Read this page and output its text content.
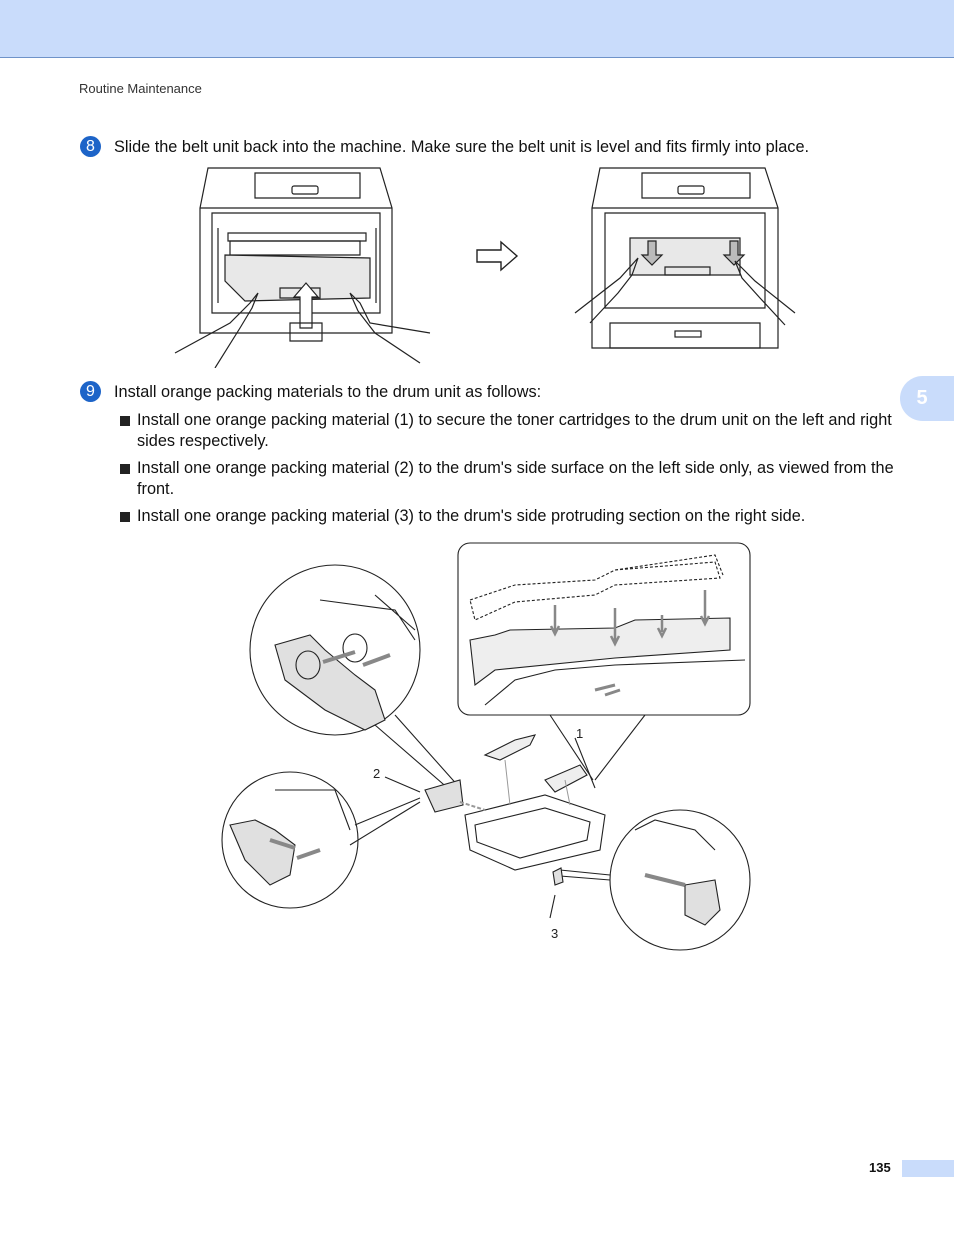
Routine Maintenance
5
8	Slide the belt unit back into the machine. Make sure the belt unit is level and fits firmly into place.
9	Install orange packing materials to the drum unit as follows:
Install one orange packing material (1) to secure the toner cartridges to the drum unit on the left and right sides respectively.
Install one orange packing material (2) to the drum's side surface on the left side only, as viewed from the front.
Install one orange packing material (3) to the drum's side protruding section on the right side.
1
2
3
135
